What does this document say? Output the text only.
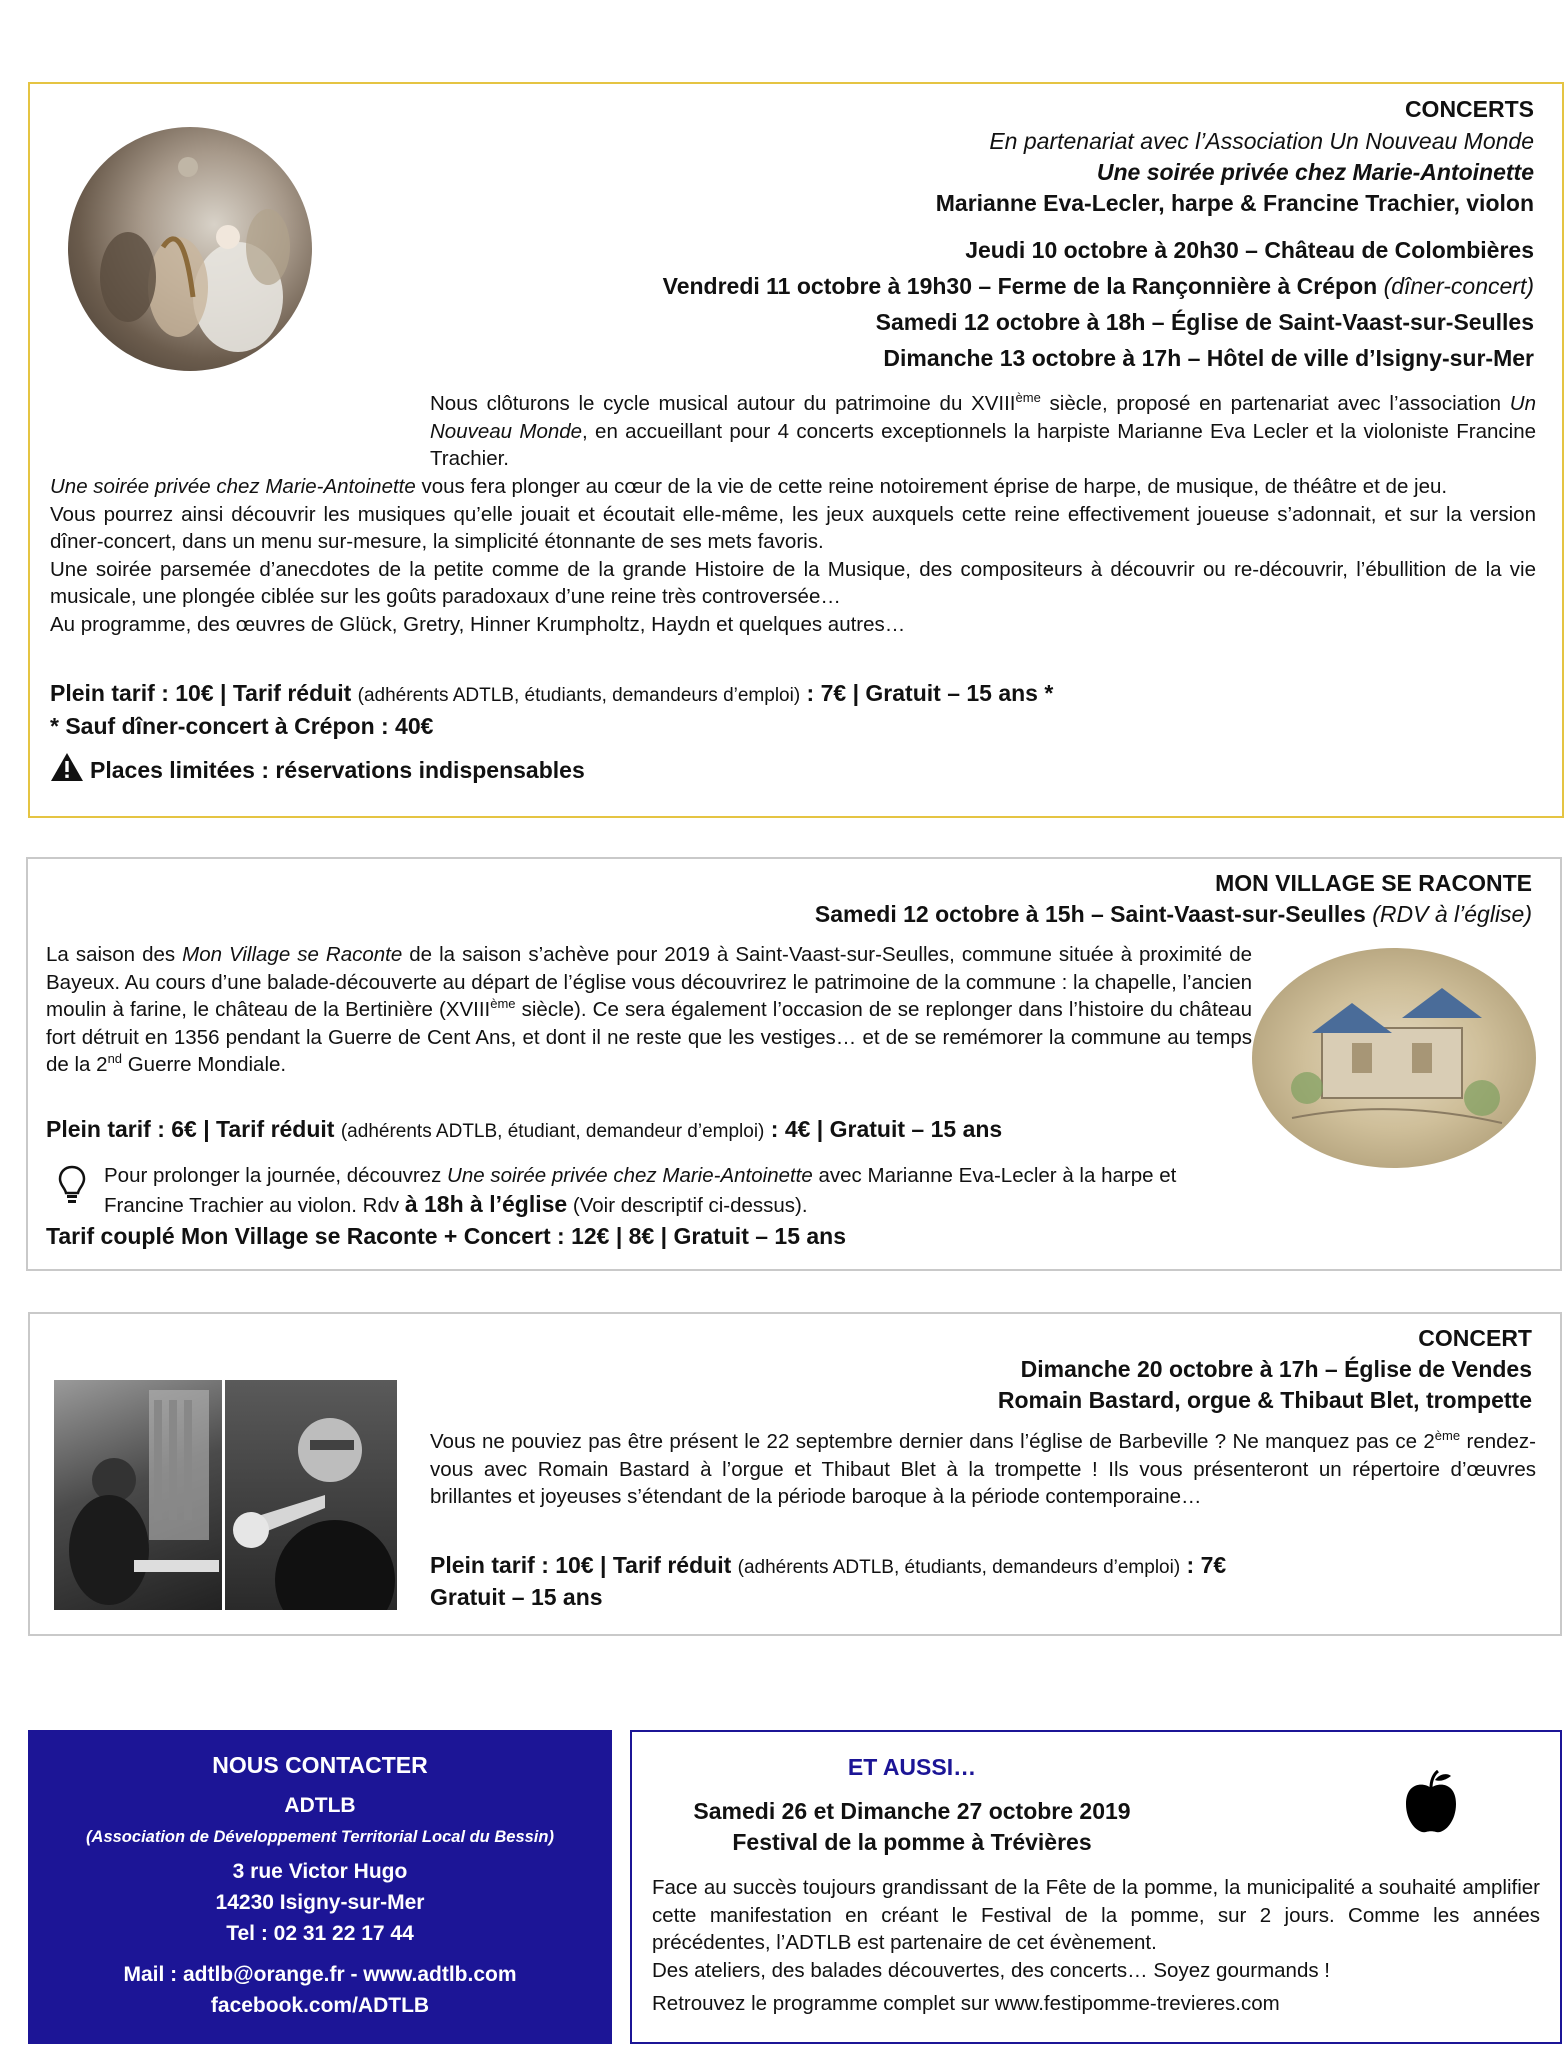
CONCERTS
En partenariat avec l’Association Un Nouveau Monde
Une soirée privée chez Marie-Antoinette
Marianne Eva-Lecler, harpe & Francine Trachier, violon
Jeudi 10 octobre à 20h30 – Château de Colombières
Vendredi 11 octobre à 19h30 – Ferme de la Rançonnière à Crépon (dîner-concert)
Samedi 12 octobre à 18h – Église de Saint-Vaast-sur-Seulles
Dimanche 13 octobre à 17h – Hôtel de ville d’Isigny-sur-Mer
Nous clôturons le cycle musical autour du patrimoine du XVIIIème siècle, proposé en partenariat avec l’association Un Nouveau Monde, en accueillant pour 4 concerts exceptionnels la harpiste Marianne Eva Lecler et la violoniste Francine Trachier.
Une soirée privée chez Marie-Antoinette vous fera plonger au cœur de la vie de cette reine notoirement éprise de harpe, de musique, de théâtre et de jeu.
Vous pourrez ainsi découvrir les musiques qu’elle jouait et écoutait elle-même, les jeux auxquels cette reine effectivement joueuse s’adonnait, et sur la version dîner-concert, dans un menu sur-mesure, la simplicité étonnante de ses mets favoris.
Une soirée parsemée d’anecdotes de la petite comme de la grande Histoire de la Musique, des compositeurs à découvrir ou re-découvrir, l’ébullition de la vie musicale, une plongée ciblée sur les goûts paradoxaux d’une reine très controversée…
Au programme, des œuvres de Glück, Gretry, Hinner Krumpholtz, Haydn et quelques autres…
Plein tarif : 10€ | Tarif réduit (adhérents ADTLB, étudiants, demandeurs d’emploi) : 7€ | Gratuit – 15 ans *
* Sauf dîner-concert à Crépon : 40€
Places limitées : réservations indispensables
MON VILLAGE SE RACONTE
Samedi 12 octobre à 15h – Saint-Vaast-sur-Seulles (RDV à l’église)
La saison des Mon Village se Raconte de la saison s’achève pour 2019 à Saint-Vaast-sur-Seulles, commune située à proximité de Bayeux. Au cours d’une balade-découverte au départ de l’église vous découvrirez le patrimoine de la commune : la chapelle, l’ancien moulin à farine, le château de la Bertinière (XVIIIème siècle). Ce sera également l’occasion de se replonger dans l’histoire du château fort détruit en 1356 pendant la Guerre de Cent Ans, et dont il ne reste que les vestiges… et de se remémorer la commune au temps de la 2nd Guerre Mondiale.
Plein tarif : 6€ | Tarif réduit (adhérents ADTLB, étudiant, demandeur d’emploi) : 4€ | Gratuit – 15 ans
Pour prolonger la journée, découvrez Une soirée privée chez Marie-Antoinette avec Marianne Eva-Lecler à la harpe et Francine Trachier au violon. Rdv à 18h à l’église (Voir descriptif ci-dessus).
Tarif couplé Mon Village se Raconte + Concert : 12€ | 8€ | Gratuit – 15 ans
CONCERT
Dimanche 20 octobre à 17h – Église de Vendes
Romain Bastard, orgue & Thibaut Blet, trompette
Vous ne pouviez pas être présent le 22 septembre dernier dans l’église de Barbeville ? Ne manquez pas ce 2ème rendez-vous avec Romain Bastard à l’orgue et Thibaut Blet à la trompette ! Ils vous présenteront un répertoire d’œuvres brillantes et joyeuses s’étendant de la période baroque à la période contemporaine…
Plein tarif : 10€ | Tarif réduit (adhérents ADTLB, étudiants, demandeurs d’emploi) : 7€
Gratuit – 15 ans
NOUS CONTACTER
ADTLB
(Association de Développement Territorial Local du Bessin)
3 rue Victor Hugo
14230 Isigny-sur-Mer
Tel : 02 31 22 17 44
Mail : adtlb@orange.fr - www.adtlb.com
facebook.com/ADTLB
ET AUSSI…
Samedi 26 et Dimanche 27 octobre 2019
Festival de la pomme à Trévières
Face au succès toujours grandissant de la Fête de la pomme, la municipalité a souhaité amplifier cette manifestation en créant le Festival de la pomme, sur 2 jours. Comme les années précédentes, l’ADTLB est partenaire de cet évènement.
Des ateliers, des balades découvertes, des concerts… Soyez gourmands !
Retrouvez le programme complet sur www.festipomme-trevieres.com
